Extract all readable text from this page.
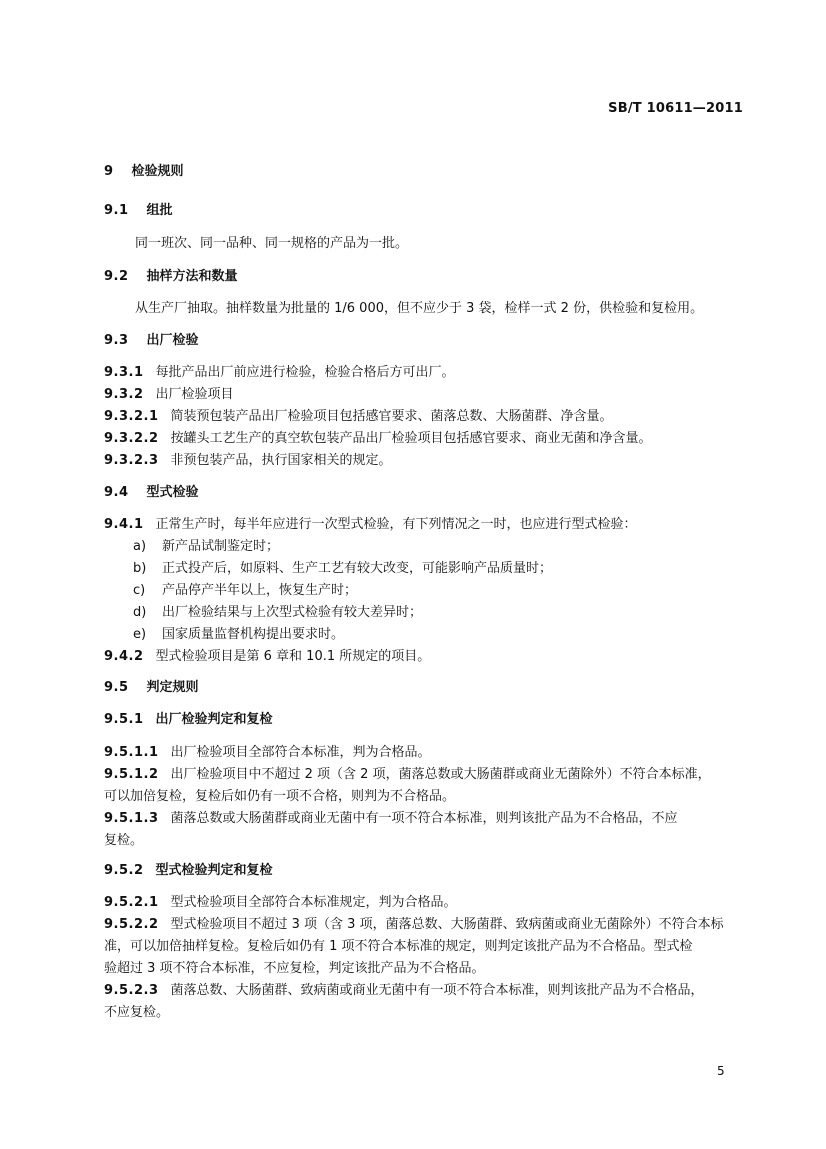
SB/T 10611—2011
9 检验规则
9.1 组批
同一班次、同一品种、同一规格的产品为一批。
9.2 抽样方法和数量
从生产厂抽取。抽样数量为批量的 1/6 000，但不应少于 3 袋，检样一式 2 份，供检验和复检用。
9.3 出厂检验
9.3.1 每批产品出厂前应进行检验，检验合格后方可出厂。
9.3.2 出厂检验项目
9.3.2.1 简装预包装产品出厂检验项目包括感官要求、菌落总数、大肠菌群、净含量。
9.3.2.2 按罐头工艺生产的真空软包装产品出厂检验项目包括感官要求、商业无菌和净含量。
9.3.2.3 非预包装产品，执行国家相关的规定。
9.4 型式检验
9.4.1 正常生产时，每半年应进行一次型式检验，有下列情况之一时，也应进行型式检验：
a) 新产品试制鉴定时；
b) 正式投产后，如原料、生产工艺有较大改变，可能影响产品质量时；
c) 产品停产半年以上，恢复生产时；
d) 出厂检验结果与上次型式检验有较大差异时；
e) 国家质量监督机构提出要求时。
9.4.2 型式检验项目是第 6 章和 10.1 所规定的项目。
9.5 判定规则
9.5.1 出厂检验判定和复检
9.5.1.1 出厂检验项目全部符合本标准，判为合格品。
9.5.1.2 出厂检验项目中不超过 2 项（含 2 项，菌落总数或大肠菌群或商业无菌除外）不符合本标准，
可以加倍复检，复检后如仍有一项不合格，则判为不合格品。
9.5.1.3 菌落总数或大肠菌群或商业无菌中有一项不符合本标准，则判该批产品为不合格品，不应
复检。
9.5.2 型式检验判定和复检
9.5.2.1 型式检验项目全部符合本标准规定，判为合格品。
9.5.2.2 型式检验项目不超过 3 项（含 3 项，菌落总数、大肠菌群、致病菌或商业无菌除外）不符合本标
准，可以加倍抽样复检。复检后如仍有 1 项不符合本标准的规定，则判定该批产品为不合格品。型式检
验超过 3 项不符合本标准，不应复检，判定该批产品为不合格品。
9.5.2.3 菌落总数、大肠菌群、致病菌或商业无菌中有一项不符合本标准，则判该批产品为不合格品，
不应复检。
5
